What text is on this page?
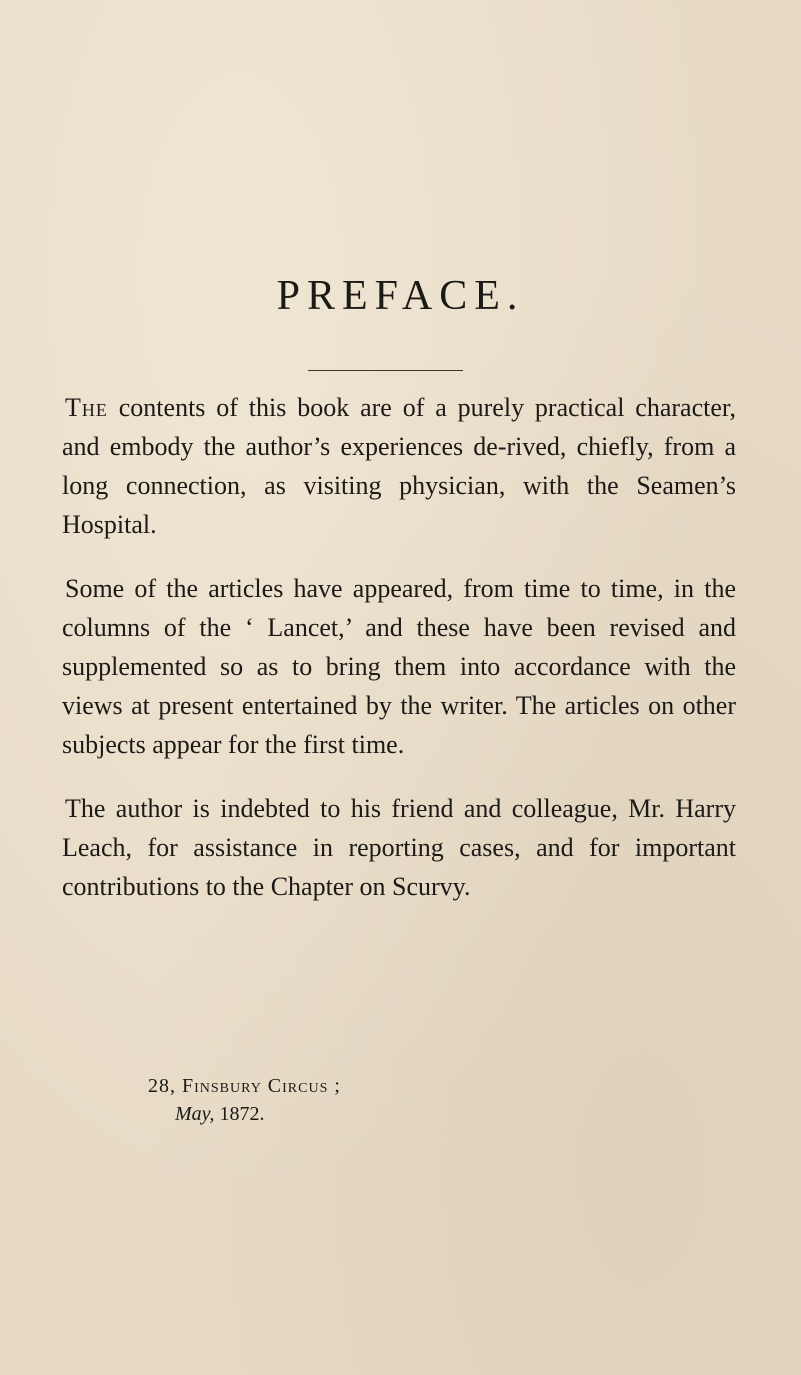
PREFACE.

The contents of this book are of a purely practical character, and embody the author’s experiences de-rived, chiefly, from a long connection, as visiting physician, with the Seamen’s Hospital.

Some of the articles have appeared, from time to time, in the columns of the ‘ Lancet,’ and these have been revised and supplemented so as to bring them into accordance with the views at present entertained by the writer. The articles on other subjects appear for the first time.

The author is indebted to his friend and colleague, Mr. Harry Leach, for assistance in reporting cases, and for important contributions to the Chapter on Scurvy.

28, Finsbury Circus ;
May, 1872.
